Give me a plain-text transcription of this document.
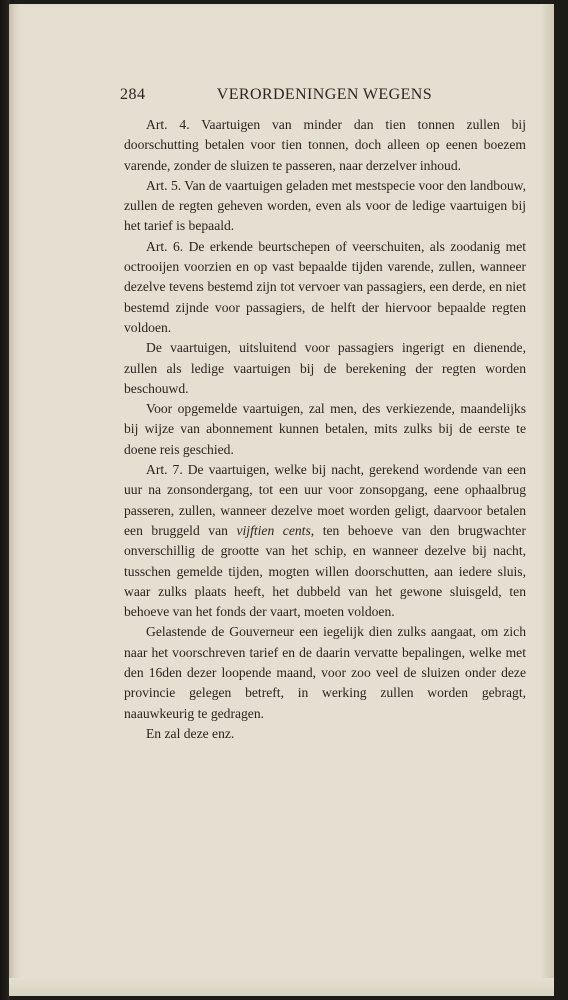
284	VERORDENINGEN WEGENS

Art. 4. Vaartuigen van minder dan tien tonnen zullen bij doorschutting betalen voor tien tonnen, doch alleen op eenen boezem varende, zonder de sluizen te passeren, naar derzelver inhoud.

Art. 5. Van de vaartuigen geladen met mestspecie voor den landbouw, zullen de regten geheven worden, even als voor de ledige vaartuigen bij het tarief is bepaald.

Art. 6. De erkende beurtschepen of veerschuiten, als zoodanig met octrooijen voorzien en op vast bepaalde tijden varende, zullen, wanneer dezelve tevens bestemd zijn tot vervoer van passagiers, een derde, en niet bestemd zijnde voor passagiers, de helft der hiervoor bepaalde regten voldoen.

De vaartuigen, uitsluitend voor passagiers ingerigt en dienende, zullen als ledige vaartuigen bij de berekening der regten worden beschouwd.

Voor opgemelde vaartuigen, zal men, des verkiezende, maandelijks bij wijze van abonnement kunnen betalen, mits zulks bij de eerste te doene reis geschied.

Art. 7. De vaartuigen, welke bij nacht, gerekend wordende van een uur na zonsondergang, tot een uur voor zonsopgang, eene ophaalbrug passeren, zullen, wanneer dezelve moet worden geligt, daarvoor betalen een bruggeld van vijftien cents, ten behoeve van den brugwachter onverschillig de grootte van het schip, en wanneer dezelve bij nacht, tusschen gemelde tijden, mogten willen doorschutten, aan iedere sluis, waar zulks plaats heeft, het dubbeld van het gewone sluisgeld, ten behoeve van het fonds der vaart, moeten voldoen.

Gelastende de Gouverneur een iegelijk dien zulks aangaat, om zich naar het voorschreven tarief en de daarin vervatte bepalingen, welke met den 16den dezer loopende maand, voor zoo veel de sluizen onder deze provincie gelegen betreft, in werking zullen worden gebragt, naauwkeurig te gedragen.

En zal deze enz.
